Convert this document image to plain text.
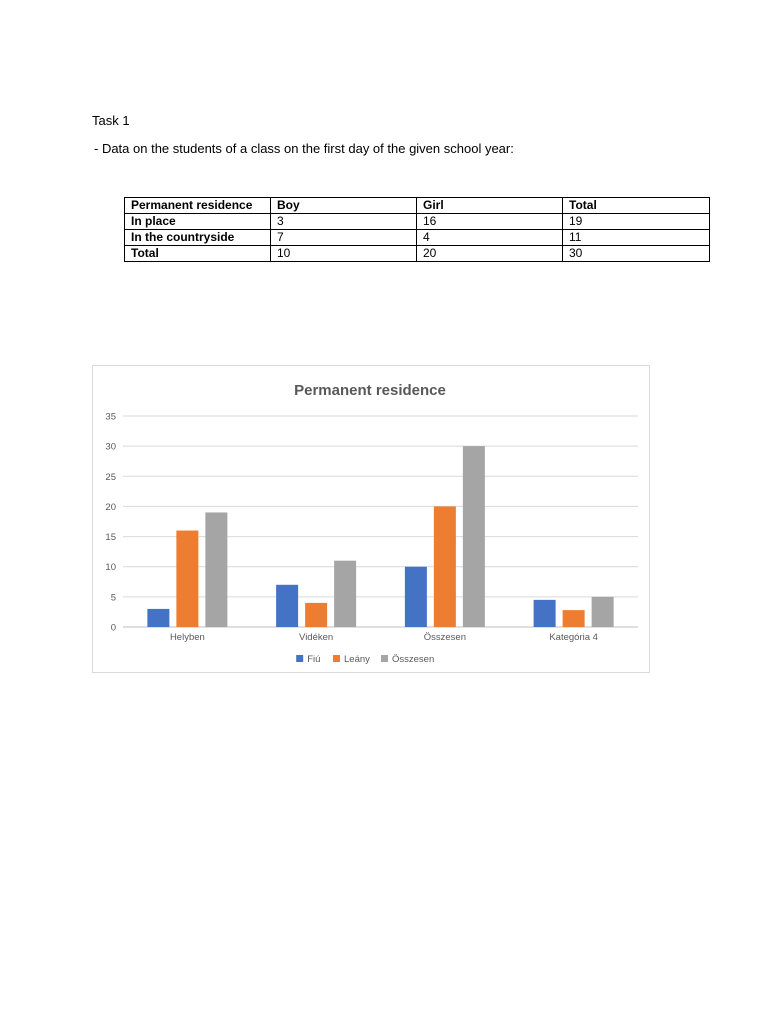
Task 1
- Data on the students of a class on the first day of the given school year:
Permanent residence	Boy	Girl	Total
In place	3	16	19
In the countryside	7	4	11
Total	10	20	30
Permanent residence
0
5
10
15
20
25
30
35
Helyben	Vidéken	Összesen	Kategória 4
Fiú Leány Összesen
